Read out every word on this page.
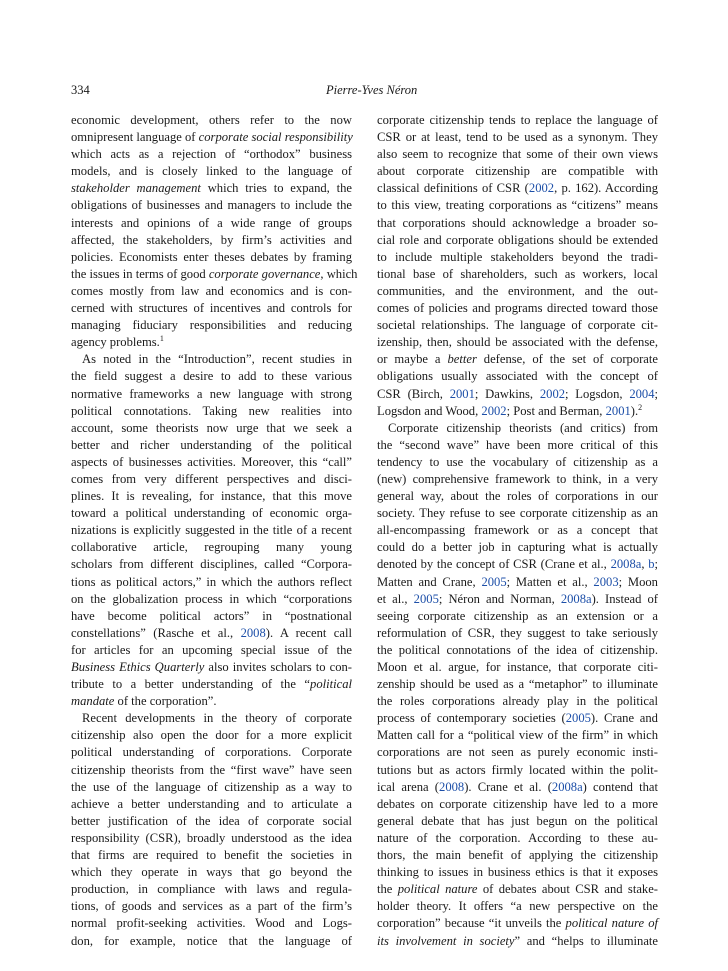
334	Pierre-Yves Néron
economic development, others refer to the now
omnipresent language of corporate social responsibility
which acts as a rejection of “orthodox” business
models, and is closely linked to the language of
stakeholder management which tries to expand, the
obligations of businesses and managers to include the
interests and opinions of a wide range of groups
affected, the stakeholders, by firm’s activities and
policies. Economists enter theses debates by framing
the issues in terms of good corporate governance, which
comes mostly from law and economics and is con-
cerned with structures of incentives and controls for
managing fiduciary responsibilities and reducing
agency problems.$^1$
As noted in the “Introduction”, recent studies in
the field suggest a desire to add to these various
normative frameworks a new language with strong
political connotations. Taking new realities into
account, some theorists now urge that we seek a
better and richer understanding of the political
aspects of businesses activities. Moreover, this “call”
comes from very different perspectives and disci-
plines. It is revealing, for instance, that this move
toward a political understanding of economic orga-
nizations is explicitly suggested in the title of a recent
collaborative article, regrouping many young
scholars from different disciplines, called “Corpora-
tions as political actors,” in which the authors reflect
on the globalization process in which “corporations
have become political actors” in “postnational
constellations” (Rasche et al., 2008). A recent call
for articles for an upcoming special issue of the
Business Ethics Quarterly also invites scholars to con-
tribute to a better understanding of the “political
mandate of the corporation”.
Recent developments in the theory of corporate
citizenship also open the door for a more explicit
political understanding of corporations. Corporate
citizenship theorists from the “first wave” have seen
the use of the language of citizenship as a way to
achieve a better understanding and to articulate a
better justification of the idea of corporate social
responsibility (CSR), broadly understood as the idea
that firms are required to benefit the societies in
which they operate in ways that go beyond the
production, in compliance with laws and regula-
tions, of goods and services as a part of the firm’s
normal profit-seeking activities. Wood and Logs-
don, for example, notice that the language of
corporate citizenship tends to replace the language of
CSR or at least, tend to be used as a synonym. They
also seem to recognize that some of their own views
about corporate citizenship are compatible with
classical definitions of CSR (2002, p. 162). According
to this view, treating corporations as “citizens” means
that corporations should acknowledge a broader so-
cial role and corporate obligations should be extended
to include multiple stakeholders beyond the tradi-
tional base of shareholders, such as workers, local
communities, and the environment, and the out-
comes of policies and programs directed toward those
societal relationships. The language of corporate cit-
izenship, then, should be associated with the defense,
or maybe a better defense, of the set of corporate
obligations usually associated with the concept of
CSR (Birch, 2001; Dawkins, 2002; Logsdon, 2004;
Logsdon and Wood, 2002; Post and Berman, 2001).$^2$
Corporate citizenship theorists (and critics) from
the “second wave” have been more critical of this
tendency to use the vocabulary of citizenship as a
(new) comprehensive framework to think, in a very
general way, about the roles of corporations in our
society. They refuse to see corporate citizenship as an
all-encompassing framework or as a concept that
could do a better job in capturing what is actually
denoted by the concept of CSR (Crane et al., 2008a, b;
Matten and Crane, 2005; Matten et al., 2003; Moon
et al., 2005; Néron and Norman, 2008a). Instead of
seeing corporate citizenship as an extension or a
reformulation of CSR, they suggest to take seriously
the political connotations of the idea of citizenship.
Moon et al. argue, for instance, that corporate citi-
zenship should be used as a “metaphor” to illuminate
the roles corporations already play in the political
process of contemporary societies (2005). Crane and
Matten call for a “political view of the firm” in which
corporations are not seen as purely economic insti-
tutions but as actors firmly located within the polit-
ical arena (2008). Crane et al. (2008a) contend that
debates on corporate citizenship have led to a more
general debate that has just begun on the political
nature of the corporation. According to these au-
thors, the main benefit of applying the citizenship
thinking to issues in business ethics is that it exposes
the political nature of debates about CSR and stake-
holder theory. It offers “a new perspective on the
corporation” because “it unveils the political nature of
its involvement in society” and “helps to illuminate
